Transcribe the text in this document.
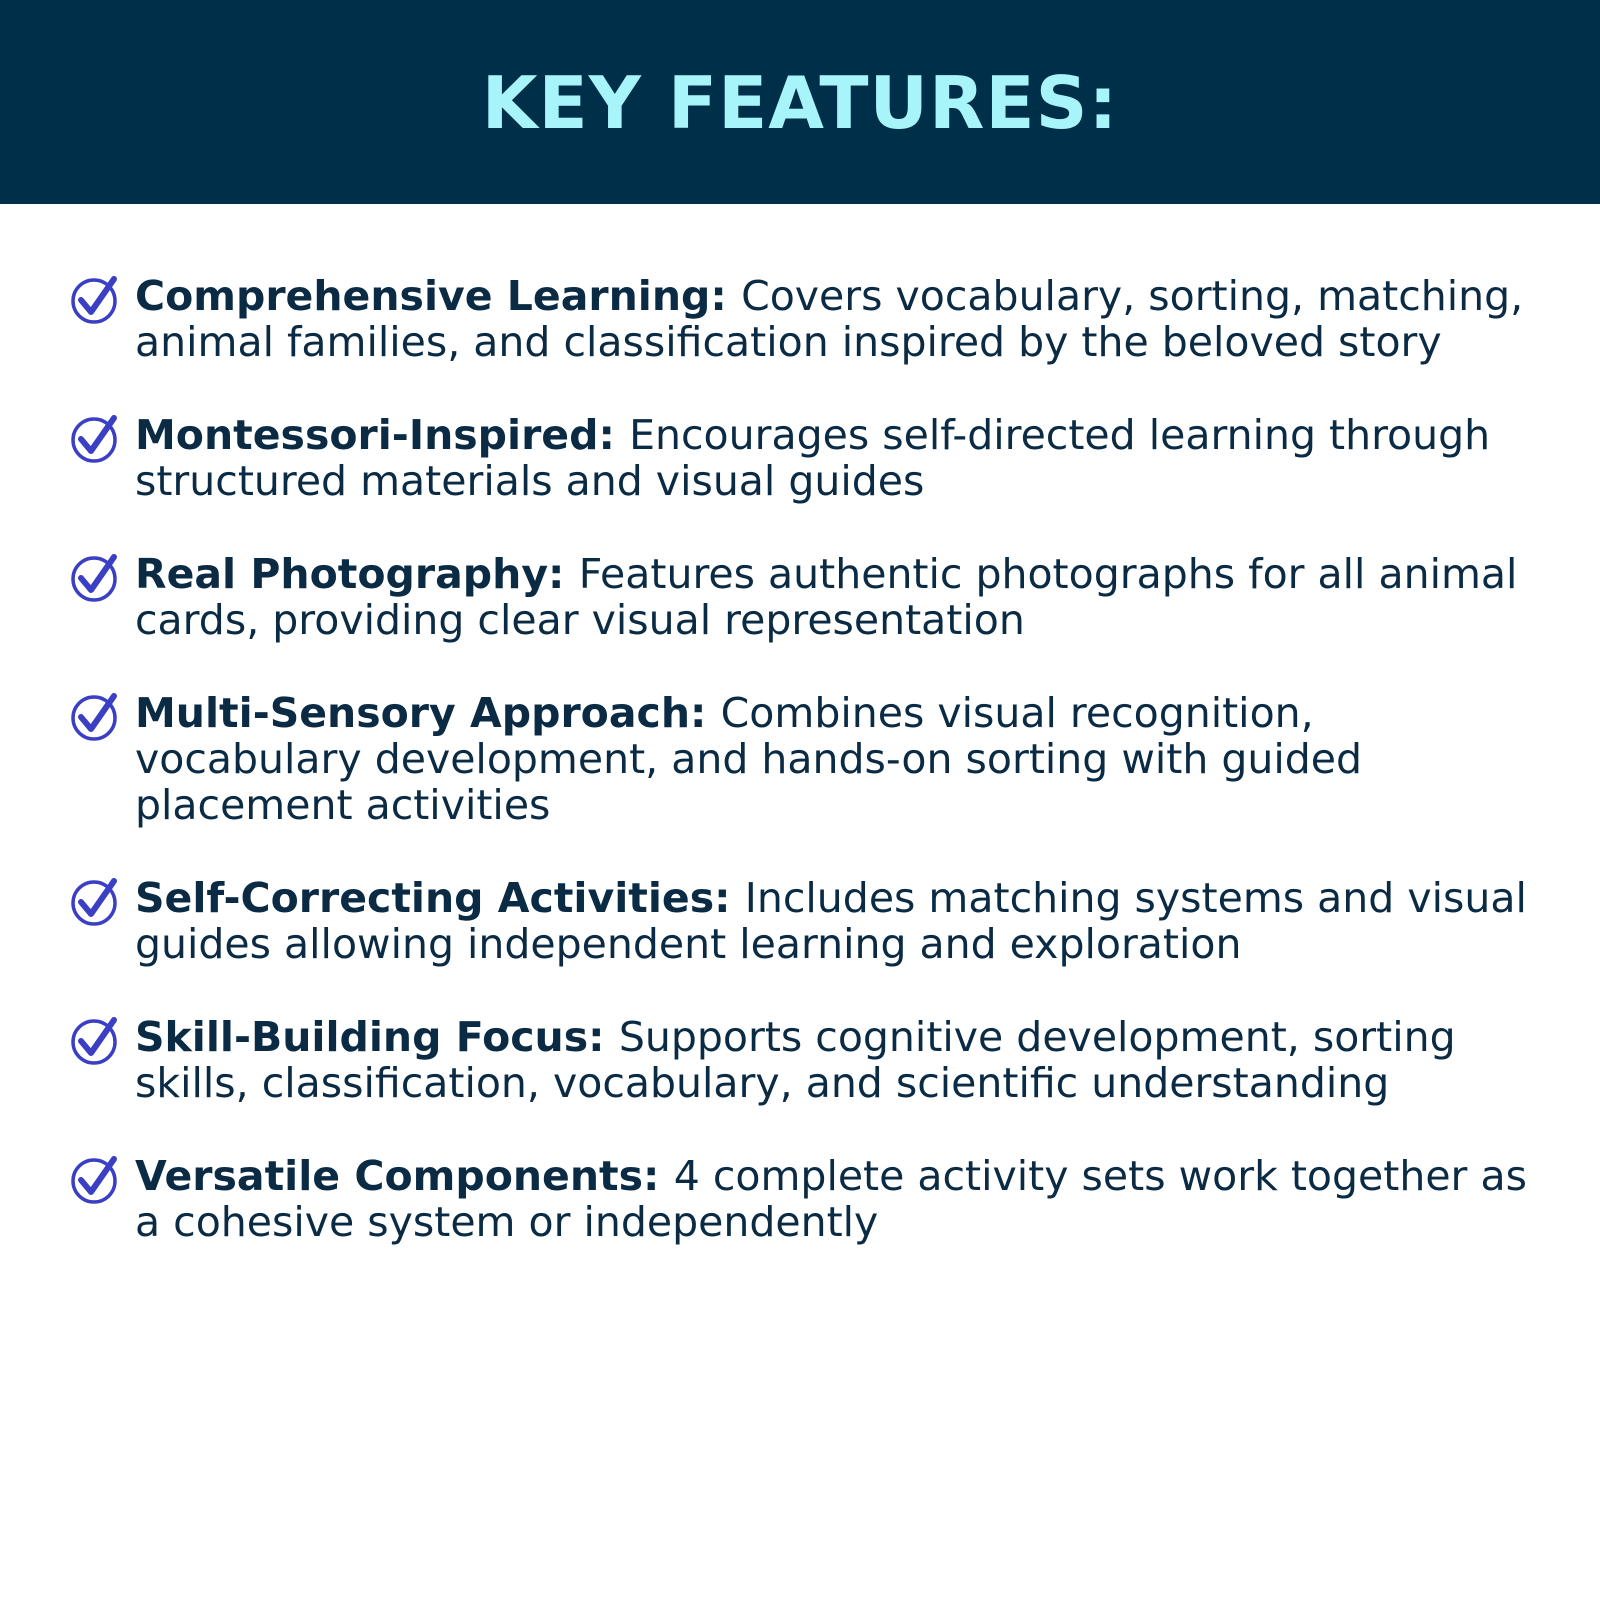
KEY FEATURES:
Comprehensive Learning: Covers vocabulary, sorting, matching, animal families, and classification inspired by the beloved story
Montessori-Inspired: Encourages self-directed learning through structured materials and visual guides
Real Photography: Features authentic photographs for all animal cards, providing clear visual representation
Multi-Sensory Approach: Combines visual recognition, vocabulary development, and hands-on sorting with guided placement activities
Self-Correcting Activities: Includes matching systems and visual guides allowing independent learning and exploration
Skill-Building Focus: Supports cognitive development, sorting skills, classification, vocabulary, and scientific understanding
Versatile Components: 4 complete activity sets work together as a cohesive system or independently
